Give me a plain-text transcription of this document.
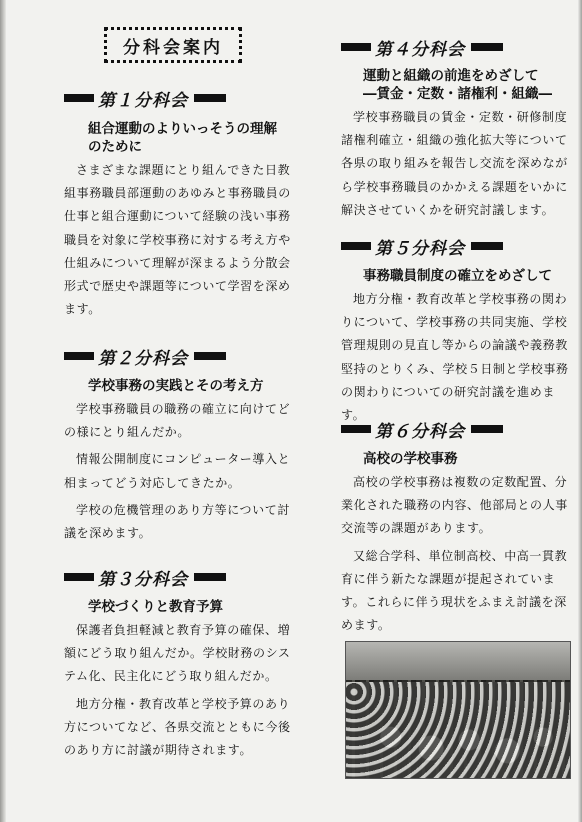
分科会案内
第１分科会
組合運動のよりいっそうの理解
のために

さまざまな課題にとり組んできた日教組事務職員部運動のあゆみと事務職員の仕事と組合運動について経験の浅い事務職員を対象に学校事務に対する考え方や仕組みについて理解が深まるよう分散会形式で歴史や課題等について学習を深めます。

第２分科会
学校事務の実践とその考え方

学校事務職員の職務の確立に向けてどの様にとり組んだか。

情報公開制度にコンピューター導入と相まってどう対応してきたか。

学校の危機管理のあり方等について討議を深めます。

第３分科会
学校づくりと教育予算

保護者負担軽減と教育予算の確保、増額にどう取り組んだか。学校財務のシステム化、民主化にどう取り組んだか。

地方分権・教育改革と学校予算のあり方についてなど、各県交流とともに今後のあり方に討議が期待されます。

第４分科会
運動と組織の前進をめざして
―賃金・定数・諸権利・組織―

学校事務職員の賃金・定数・研修制度諸権利確立・組織の強化拡大等について各県の取り組みを報告し交流を深めながら学校事務職員のかかえる課題をいかに解決させていくかを研究討議します。

第５分科会
事務職員制度の確立をめざして

地方分権・教育改革と学校事務の関わりについて、学校事務の共同実施、学校管理規則の見直し等からの論議や義務教堅持のとりくみ、学校５日制と学校事務の関わりについての研究討議を進めます。

第６分科会
高校の学校事務

高校の学校事務は複数の定数配置、分業化された職務の内容、他部局との人事交流等の課題があります。

又総合学科、単位制高校、中高一貫教育に伴う新たな課題が提起されています。これらに伴う現状をふまえ討議を深めます。
